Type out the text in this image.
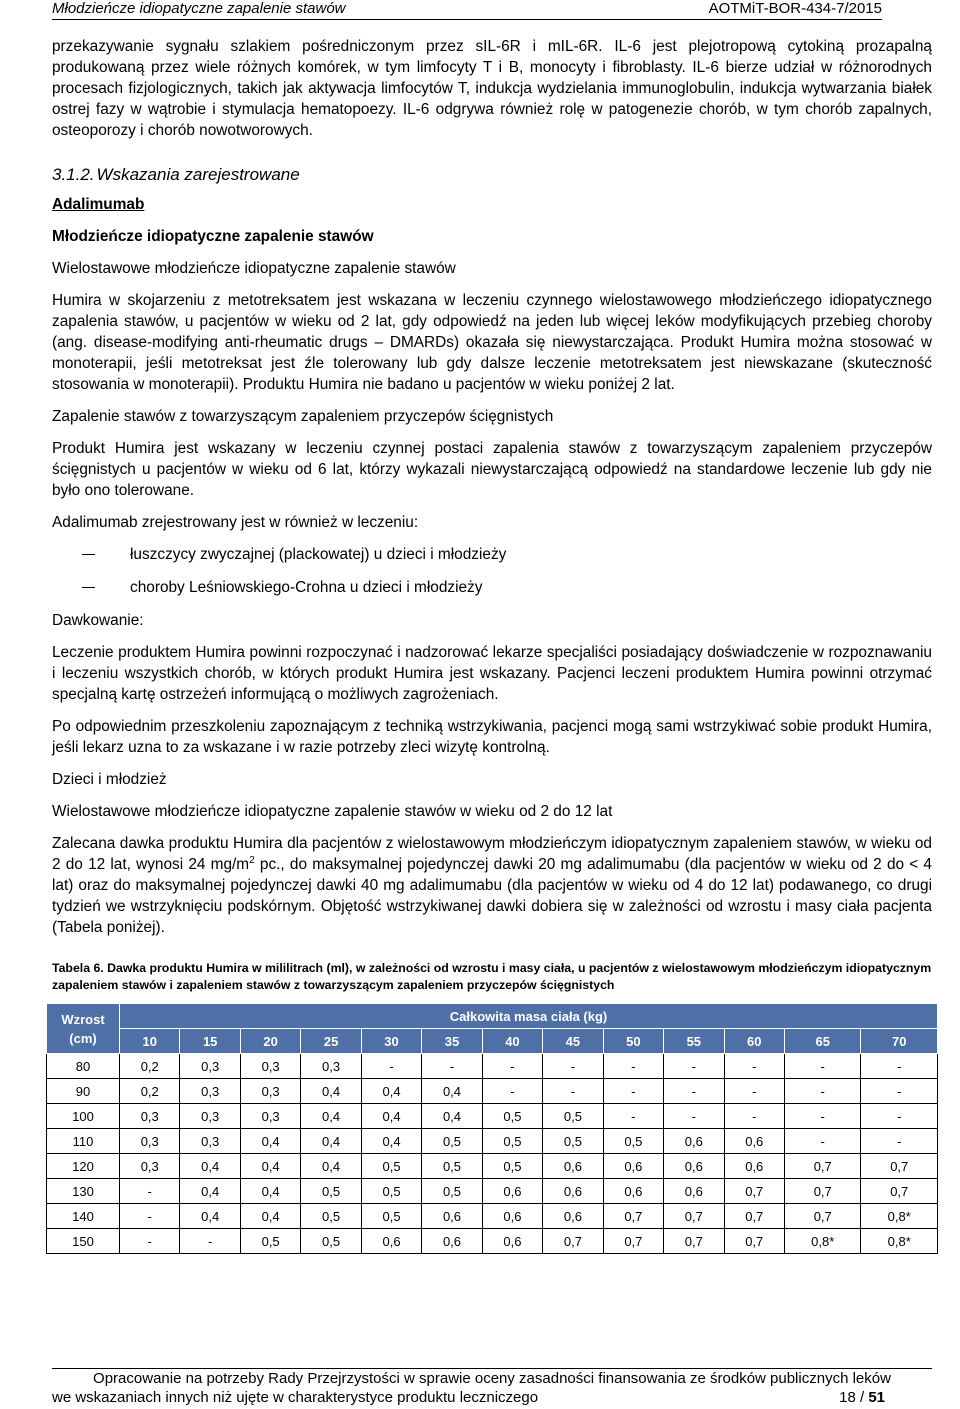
Młodzieńcze idiopatyczne zapalenie stawów	AOTMiT-BOR-434-7/2015

przekazywanie sygnału szlakiem pośredniczonym przez sIL-6R i mIL-6R. IL-6 jest plejotropową cytokiną prozapalną produkowaną przez wiele różnych komórek, w tym limfocyty T i B, monocyty i fibroblasty. IL-6 bierze udział w różnorodnych procesach fizjologicznych, takich jak aktywacja limfocytów T, indukcja wydzielania immunoglobulin, indukcja wytwarzania białek ostrej fazy w wątrobie i stymulacja hematopoezy. IL-6 odgrywa również rolę w patogenezie chorób, w tym chorób zapalnych, osteoporozy i chorób nowotworowych.

3.1.2. Wskazania zarejestrowane

Adalimumab

Młodzieńcze idiopatyczne zapalenie stawów

Wielostawowe młodzieńcze idiopatyczne zapalenie stawów

Humira w skojarzeniu z metotreksatem jest wskazana w leczeniu czynnego wielostawowego młodzieńczego idiopatycznego zapalenia stawów, u pacjentów w wieku od 2 lat, gdy odpowiedź na jeden lub więcej leków modyfikujących przebieg choroby (ang. disease-modifying anti-rheumatic drugs – DMARDs) okazała się niewystarczająca. Produkt Humira można stosować w monoterapii, jeśli metotreksat jest źle tolerowany lub gdy dalsze leczenie metotreksatem jest niewskazane (skuteczność stosowania w monoterapii). Produktu Humira nie badano u pacjentów w wieku poniżej 2 lat.

Zapalenie stawów z towarzyszącym zapaleniem przyczepów ścięgnistych

Produkt Humira jest wskazany w leczeniu czynnej postaci zapalenia stawów z towarzyszącym zapaleniem przyczepów ścięgnistych u pacjentów w wieku od 6 lat, którzy wykazali niewystarczającą odpowiedź na standardowe leczenie lub gdy nie było ono tolerowane.

Adalimumab zrejestrowany jest w również w leczeniu:

łuszczycy zwyczajnej (plackowatej) u dzieci i młodzieży
choroby Leśniowskiego-Crohna u dzieci i młodzieży

Dawkowanie:

Leczenie produktem Humira powinni rozpoczynać i nadzorować lekarze specjaliści posiadający doświadczenie w rozpoznawaniu i leczeniu wszystkich chorób, w których produkt Humira jest wskazany. Pacjenci leczeni produktem Humira powinni otrzymać specjalną kartę ostrzeżeń informującą o możliwych zagrożeniach.

Po odpowiednim przeszkoleniu zapoznającym z techniką wstrzykiwania, pacjenci mogą sami wstrzykiwać sobie produkt Humira, jeśli lekarz uzna to za wskazane i w razie potrzeby zleci wizytę kontrolną.

Dzieci i młodzież

Wielostawowe młodzieńcze idiopatyczne zapalenie stawów w wieku od 2 do 12 lat

Zalecana dawka produktu Humira dla pacjentów z wielostawowym młodzieńczym idiopatycznym zapaleniem stawów, w wieku od 2 do 12 lat, wynosi 24 $mg/m^2$ pc., do maksymalnej pojedynczej dawki 20 mg adalimumabu (dla pacjentów w wieku od 2 do < 4 lat) oraz do maksymalnej pojedynczej dawki 40 mg adalimumabu (dla pacjentów w wieku od 4 do 12 lat) podawanego, co drugi tydzień we wstrzyknięciu podskórnym. Objętość wstrzykiwanej dawki dobiera się w zależności od wzrostu i masy ciała pacjenta (Tabela poniżej).

Tabela 6. Dawka produktu Humira w mililitrach (ml), w zależności od wzrostu i masy ciała, u pacjentów z wielostawowym młodzieńczym idiopatycznym zapaleniem stawów i zapaleniem stawów z towarzyszącym zapaleniem przyczepów ścięgnistych
Wzrost (cm)	Całkowita masa ciała (kg)												
	10	15	20	25	30	35	40	45	50	55	60	65	70
80	0,2	0,3	0,3	0,3	-	-	-	-	-	-	-	-	-
90	0,2	0,3	0,3	0,4	0,4	0,4	-	-	-	-	-	-	-
100	0,3	0,3	0,3	0,4	0,4	0,4	0,5	0,5	-	-	-	-	-
110	0,3	0,3	0,4	0,4	0,4	0,5	0,5	0,5	0,5	0,6	0,6	-	-
120	0,3	0,4	0,4	0,4	0,5	0,5	0,5	0,6	0,6	0,6	0,6	0,7	0,7
130	-	0,4	0,4	0,5	0,5	0,5	0,6	0,6	0,6	0,6	0,7	0,7	0,7
140	-	0,4	0,4	0,5	0,5	0,6	0,6	0,6	0,7	0,7	0,7	0,7	0,8*
150	-	-	0,5	0,5	0,6	0,6	0,6	0,7	0,7	0,7	0,7	0,8*	0,8*
Opracowanie na potrzeby Rady Przejrzystości w sprawie oceny zasadności finansowania ze środków publicznych leków
we wskazaniach innych niż ujęte w charakterystyce produktu leczniczego	18 / 51
